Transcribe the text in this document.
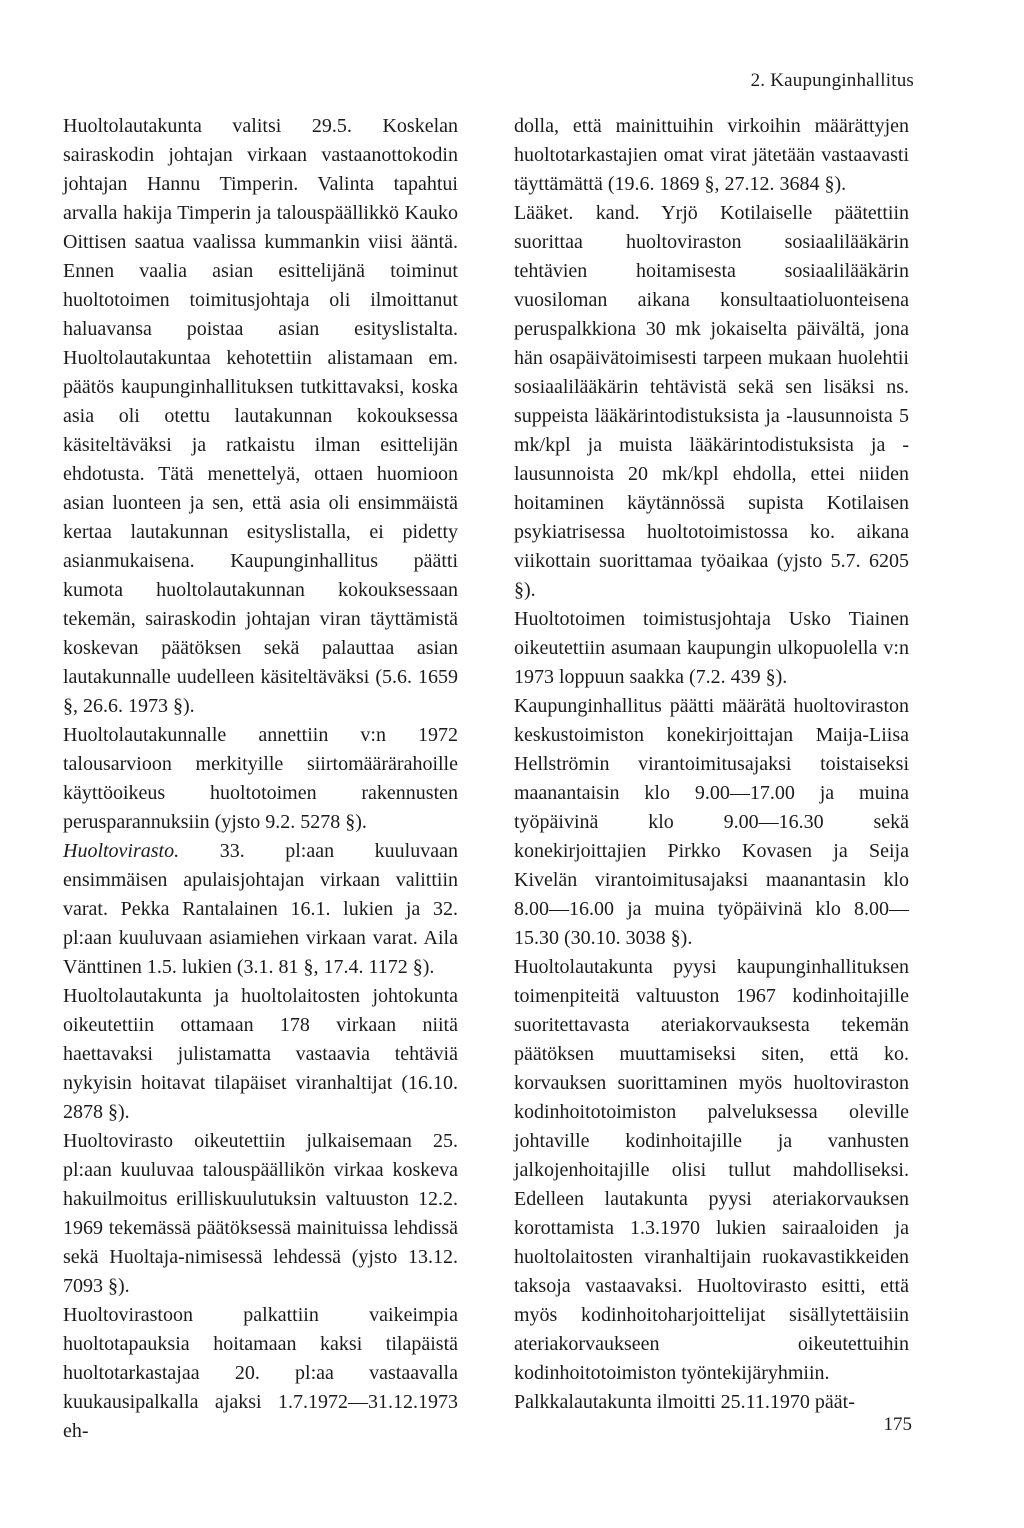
2. Kaupunginhallitus

Huoltolautakunta valitsi 29.5. Koskelan sairaskodin johtajan virkaan vastaanottokodin johtajan Hannu Timperin. Valinta tapahtui arvalla hakija Timperin ja talouspäällikkö Kauko Oittisen saatua vaalissa kummankin viisi ääntä. Ennen vaalia asian esittelijänä toiminut huoltotoimen toimitusjohtaja oli ilmoittanut haluavansa poistaa asian esityslistalta. Huoltolautakuntaa kehotettiin alistamaan em. päätös kaupunginhallituksen tutkittavaksi, koska asia oli otettu lautakunnan kokouksessa käsiteltäväksi ja ratkaistu ilman esittelijän ehdotusta. Tätä menettelyä, ottaen huomioon asian luonteen ja sen, että asia oli ensimmäistä kertaa lautakunnan esityslistalla, ei pidetty asianmukaisena. Kaupunginhallitus päätti kumota huoltolautakunnan kokouksessaan tekemän, sairaskodin johtajan viran täyttämistä koskevan päätöksen sekä palauttaa asian lautakunnalle uudelleen käsiteltäväksi (5.6. 1659 §, 26.6. 1973 §).

Huoltolautakunnalle annettiin v:n 1972 talousarvioon merkityille siirtomäärärahoille käyttöoikeus huoltotoimen rakennusten perusparannuksiin (yjsto 9.2. 5278 §).

Huoltovirasto. 33. pl:aan kuuluvaan ensimmäisen apulaisjohtajan virkaan valittiin varat. Pekka Rantalainen 16.1. lukien ja 32. pl:aan kuuluvaan asiamiehen virkaan varat. Aila Vänttinen 1.5. lukien (3.1. 81 §, 17.4. 1172 §).

Huoltolautakunta ja huoltolaitosten johtokunta oikeutettiin ottamaan 178 virkaan niitä haettavaksi julistamatta vastaavia tehtäviä nykyisin hoitavat tilapäiset viranhaltijat (16.10. 2878 §).

Huoltovirasto oikeutettiin julkaisemaan 25. pl:aan kuuluvaa talouspäällikön virkaa koskeva hakuilmoitus erilliskuulutuksin valtuuston 12.2. 1969 tekemässä päätöksessä mainituissa lehdissä sekä Huoltaja-nimisessä lehdessä (yjsto 13.12. 7093 §).

Huoltovirastoon palkattiin vaikeimpia huoltotapauksia hoitamaan kaksi tilapäistä huoltotarkastajaa 20. pl:aa vastaavalla kuukausipalkalla ajaksi 1.7.1972—31.12.1973 eh-

dolla, että mainittuihin virkoihin määrättyjen huoltotarkastajien omat virat jätetään vastaavasti täyttämättä (19.6. 1869 §, 27.12. 3684 §).

Lääket. kand. Yrjö Kotilaiselle päätettiin suorittaa huoltoviraston sosiaalilääkärin tehtävien hoitamisesta sosiaalilääkärin vuosiloman aikana konsultaatioluonteisena peruspalkkiona 30 mk jokaiselta päivältä, jona hän osapäivätoimisesti tarpeen mukaan huolehtii sosiaalilääkärin tehtävistä sekä sen lisäksi ns. suppeista lääkärintodistuksista ja -lausunnoista 5 mk/kpl ja muista lääkärintodistuksista ja -lausunnoista 20 mk/kpl ehdolla, ettei niiden hoitaminen käytännössä supista Kotilaisen psykiatrisessa huoltotoimistossa ko. aikana viikottain suorittamaa työaikaa (yjsto 5.7. 6205 §).

Huoltotoimen toimistusjohtaja Usko Tiainen oikeutettiin asumaan kaupungin ulkopuolella v:n 1973 loppuun saakka (7.2. 439 §).

Kaupunginhallitus päätti määrätä huoltoviraston keskustoimiston konekirjoittajan Maija-Liisa Hellströmin virantoimitusajaksi toistaiseksi maanantaisin klo 9.00—17.00 ja muina työpäivinä klo 9.00—16.30 sekä konekirjoittajien Pirkko Kovasen ja Seija Kivelän virantoimitusajaksi maanantasin klo 8.00—16.00 ja muina työpäivinä klo 8.00—15.30 (30.10. 3038 §).

Huoltolautakunta pyysi kaupunginhallituksen toimenpiteitä valtuuston 1967 kodinhoitajille suoritettavasta ateriakorvauksesta tekemän päätöksen muuttamiseksi siten, että ko. korvauksen suorittaminen myös huoltoviraston kodinhoitotoimiston palveluksessa oleville johtaville kodinhoitajille ja vanhusten jalkojenhoitajille olisi tullut mahdolliseksi. Edelleen lautakunta pyysi ateriakorvauksen korottamista 1.3.1970 lukien sairaaloiden ja huoltolaitosten viranhaltijain ruokavastikkeiden taksoja vastaavaksi. Huoltovirasto esitti, että myös kodinhoitoharjoittelijat sisällytettäisiin ateriakorvaukseen oikeutettuihin kodinhoitotoimiston työntekijäryhmiin.

Palkkalautakunta ilmoitti 25.11.1970 päät-

175
